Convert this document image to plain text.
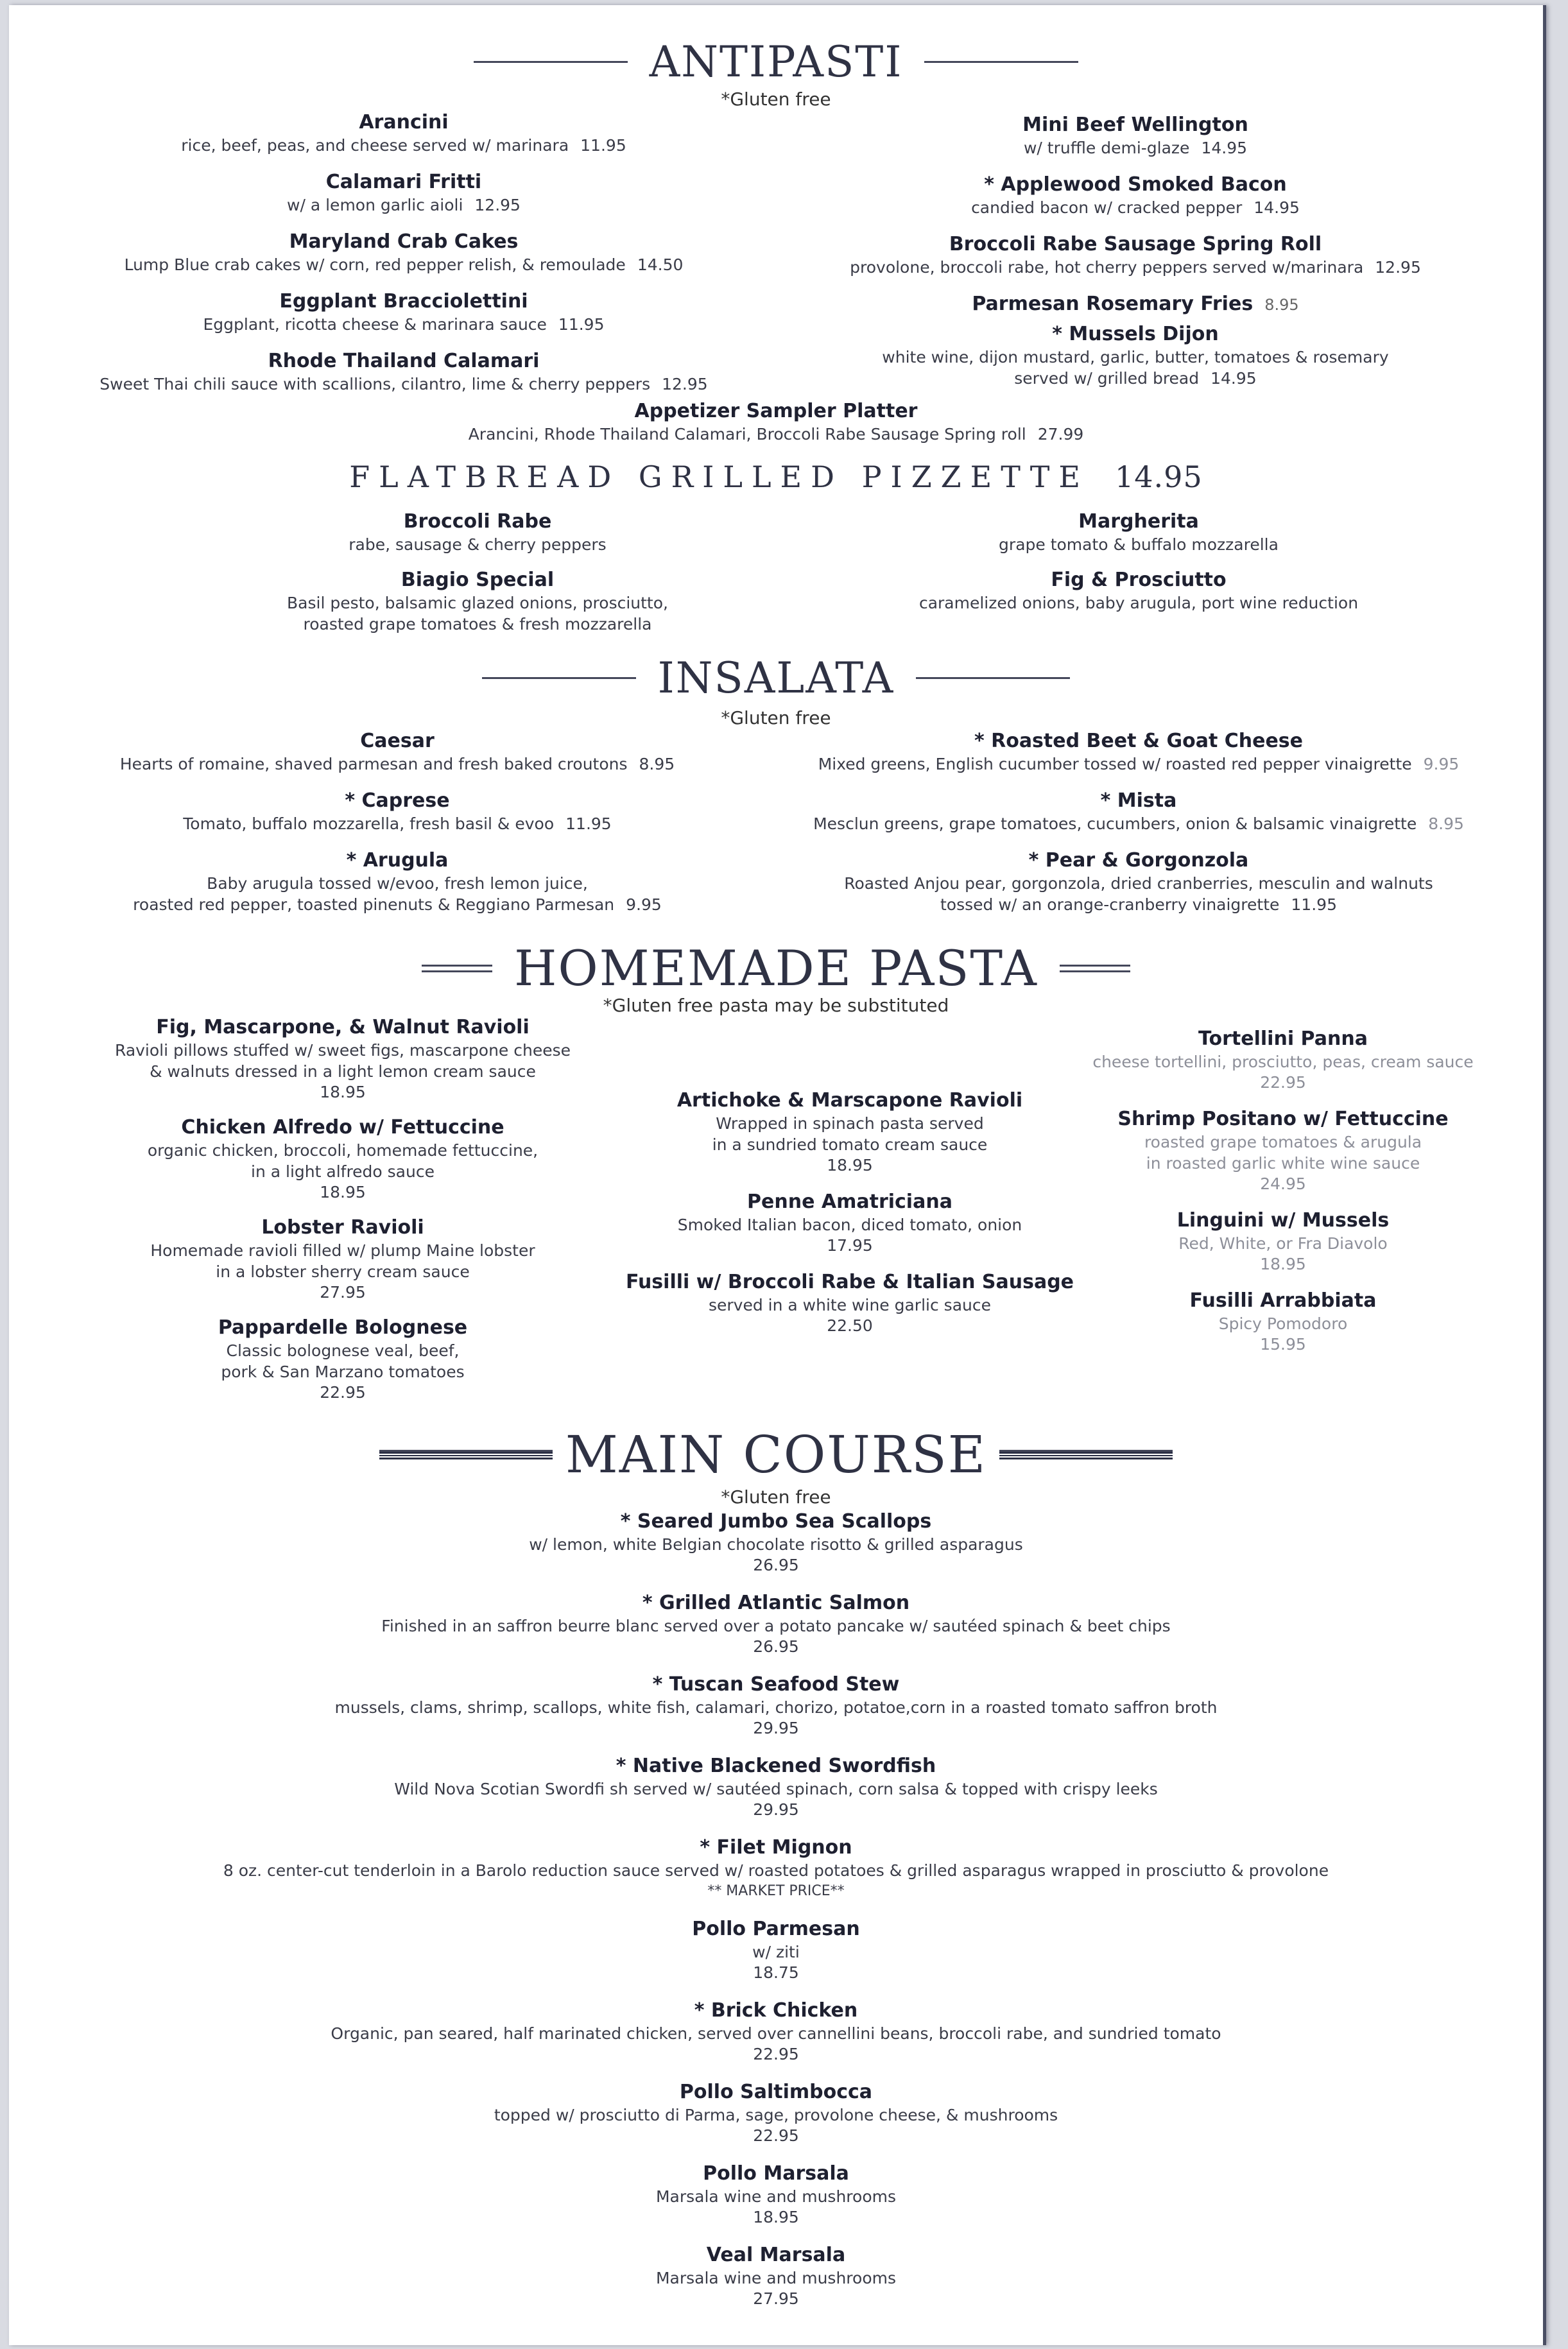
ANTIPASTI
*Gluten free
Arancini
rice, beef, peas, and cheese served w/ marinara 11.95
Calamari Fritti
w/ a lemon garlic aioli 12.95
Maryland Crab Cakes
Lump Blue crab cakes w/ corn, red pepper relish, & remoulade 14.50
Eggplant Bracciolettini
Eggplant, ricotta cheese & marinara sauce 11.95
Rhode Thailand Calamari
Sweet Thai chili sauce with scallions, cilantro, lime & cherry peppers 12.95
Mini Beef Wellington
w/ truffle demi-glaze 14.95
* Applewood Smoked Bacon
candied bacon w/ cracked pepper 14.95
Broccoli Rabe Sausage Spring Roll
provolone, broccoli rabe, hot cherry peppers served w/marinara 12.95
Parmesan Rosemary Fries 8.95
* Mussels Dijon
white wine, dijon mustard, garlic, butter, tomatoes & rosemary
served w/ grilled bread 14.95
Appetizer Sampler Platter
Arancini, Rhode Thailand Calamari, Broccoli Rabe Sausage Spring roll 27.99
FLATBREAD GRILLED PIZZETTE 14.95
Broccoli Rabe
rabe, sausage & cherry peppers
Biagio Special
Basil pesto, balsamic glazed onions, prosciutto,
roasted grape tomatoes & fresh mozzarella
Margherita
grape tomato & buffalo mozzarella
Fig & Prosciutto
caramelized onions, baby arugula, port wine reduction
INSALATA
*Gluten free
Caesar
Hearts of romaine, shaved parmesan and fresh baked croutons 8.95
* Caprese
Tomato, buffalo mozzarella, fresh basil & evoo 11.95
* Arugula
Baby arugula tossed w/evoo, fresh lemon juice,
roasted red pepper, toasted pinenuts & Reggiano Parmesan 9.95
* Roasted Beet & Goat Cheese
Mixed greens, English cucumber tossed w/ roasted red pepper vinaigrette 9.95
* Mista
Mesclun greens, grape tomatoes, cucumbers, onion & balsamic vinaigrette 8.95
* Pear & Gorgonzola
Roasted Anjou pear, gorgonzola, dried cranberries, mesculin and walnuts
tossed w/ an orange-cranberry vinaigrette 11.95
HOMEMADE PASTA
*Gluten free pasta may be substituted
Fig, Mascarpone, & Walnut Ravioli
Ravioli pillows stuffed w/ sweet figs, mascarpone cheese
& walnuts dressed in a light lemon cream sauce
18.95
Chicken Alfredo w/ Fettuccine
organic chicken, broccoli, homemade fettuccine,
in a light alfredo sauce
18.95
Lobster Ravioli
Homemade ravioli filled w/ plump Maine lobster
in a lobster sherry cream sauce
27.95
Pappardelle Bolognese
Classic bolognese veal, beef,
pork & San Marzano tomatoes
22.95
Artichoke & Marscapone Ravioli
Wrapped in spinach pasta served
in a sundried tomato cream sauce
18.95
Penne Amatriciana
Smoked Italian bacon, diced tomato, onion
17.95
Fusilli w/ Broccoli Rabe & Italian Sausage
served in a white wine garlic sauce
22.50
Tortellini Panna
cheese tortellini, prosciutto, peas, cream sauce
22.95
Shrimp Positano w/ Fettuccine
roasted grape tomatoes & arugula
in roasted garlic white wine sauce
24.95
Linguini w/ Mussels
Red, White, or Fra Diavolo
18.95
Fusilli Arrabbiata
Spicy Pomodoro
15.95
MAIN COURSE
*Gluten free
* Seared Jumbo Sea Scallops
w/ lemon, white Belgian chocolate risotto & grilled asparagus
26.95
* Grilled Atlantic Salmon
Finished in an saffron beurre blanc served over a potato pancake w/ sautéed spinach & beet chips
26.95
* Tuscan Seafood Stew
mussels, clams, shrimp, scallops, white fish, calamari, chorizo, potatoe,corn in a roasted tomato saffron broth
29.95
* Native Blackened Swordfish
Wild Nova Scotian Swordfi sh served w/ sautéed spinach, corn salsa & topped with crispy leeks
29.95
* Filet Mignon
8 oz. center-cut tenderloin in a Barolo reduction sauce served w/ roasted potatoes & grilled asparagus wrapped in prosciutto & provolone
** MARKET PRICE**
Pollo Parmesan
w/ ziti
18.75
* Brick Chicken
Organic, pan seared, half marinated chicken, served over cannellini beans, broccoli rabe, and sundried tomato
22.95
Pollo Saltimbocca
topped w/ prosciutto di Parma, sage, provolone cheese, & mushrooms
22.95
Pollo Marsala
Marsala wine and mushrooms
18.95
Veal Marsala
Marsala wine and mushrooms
27.95
